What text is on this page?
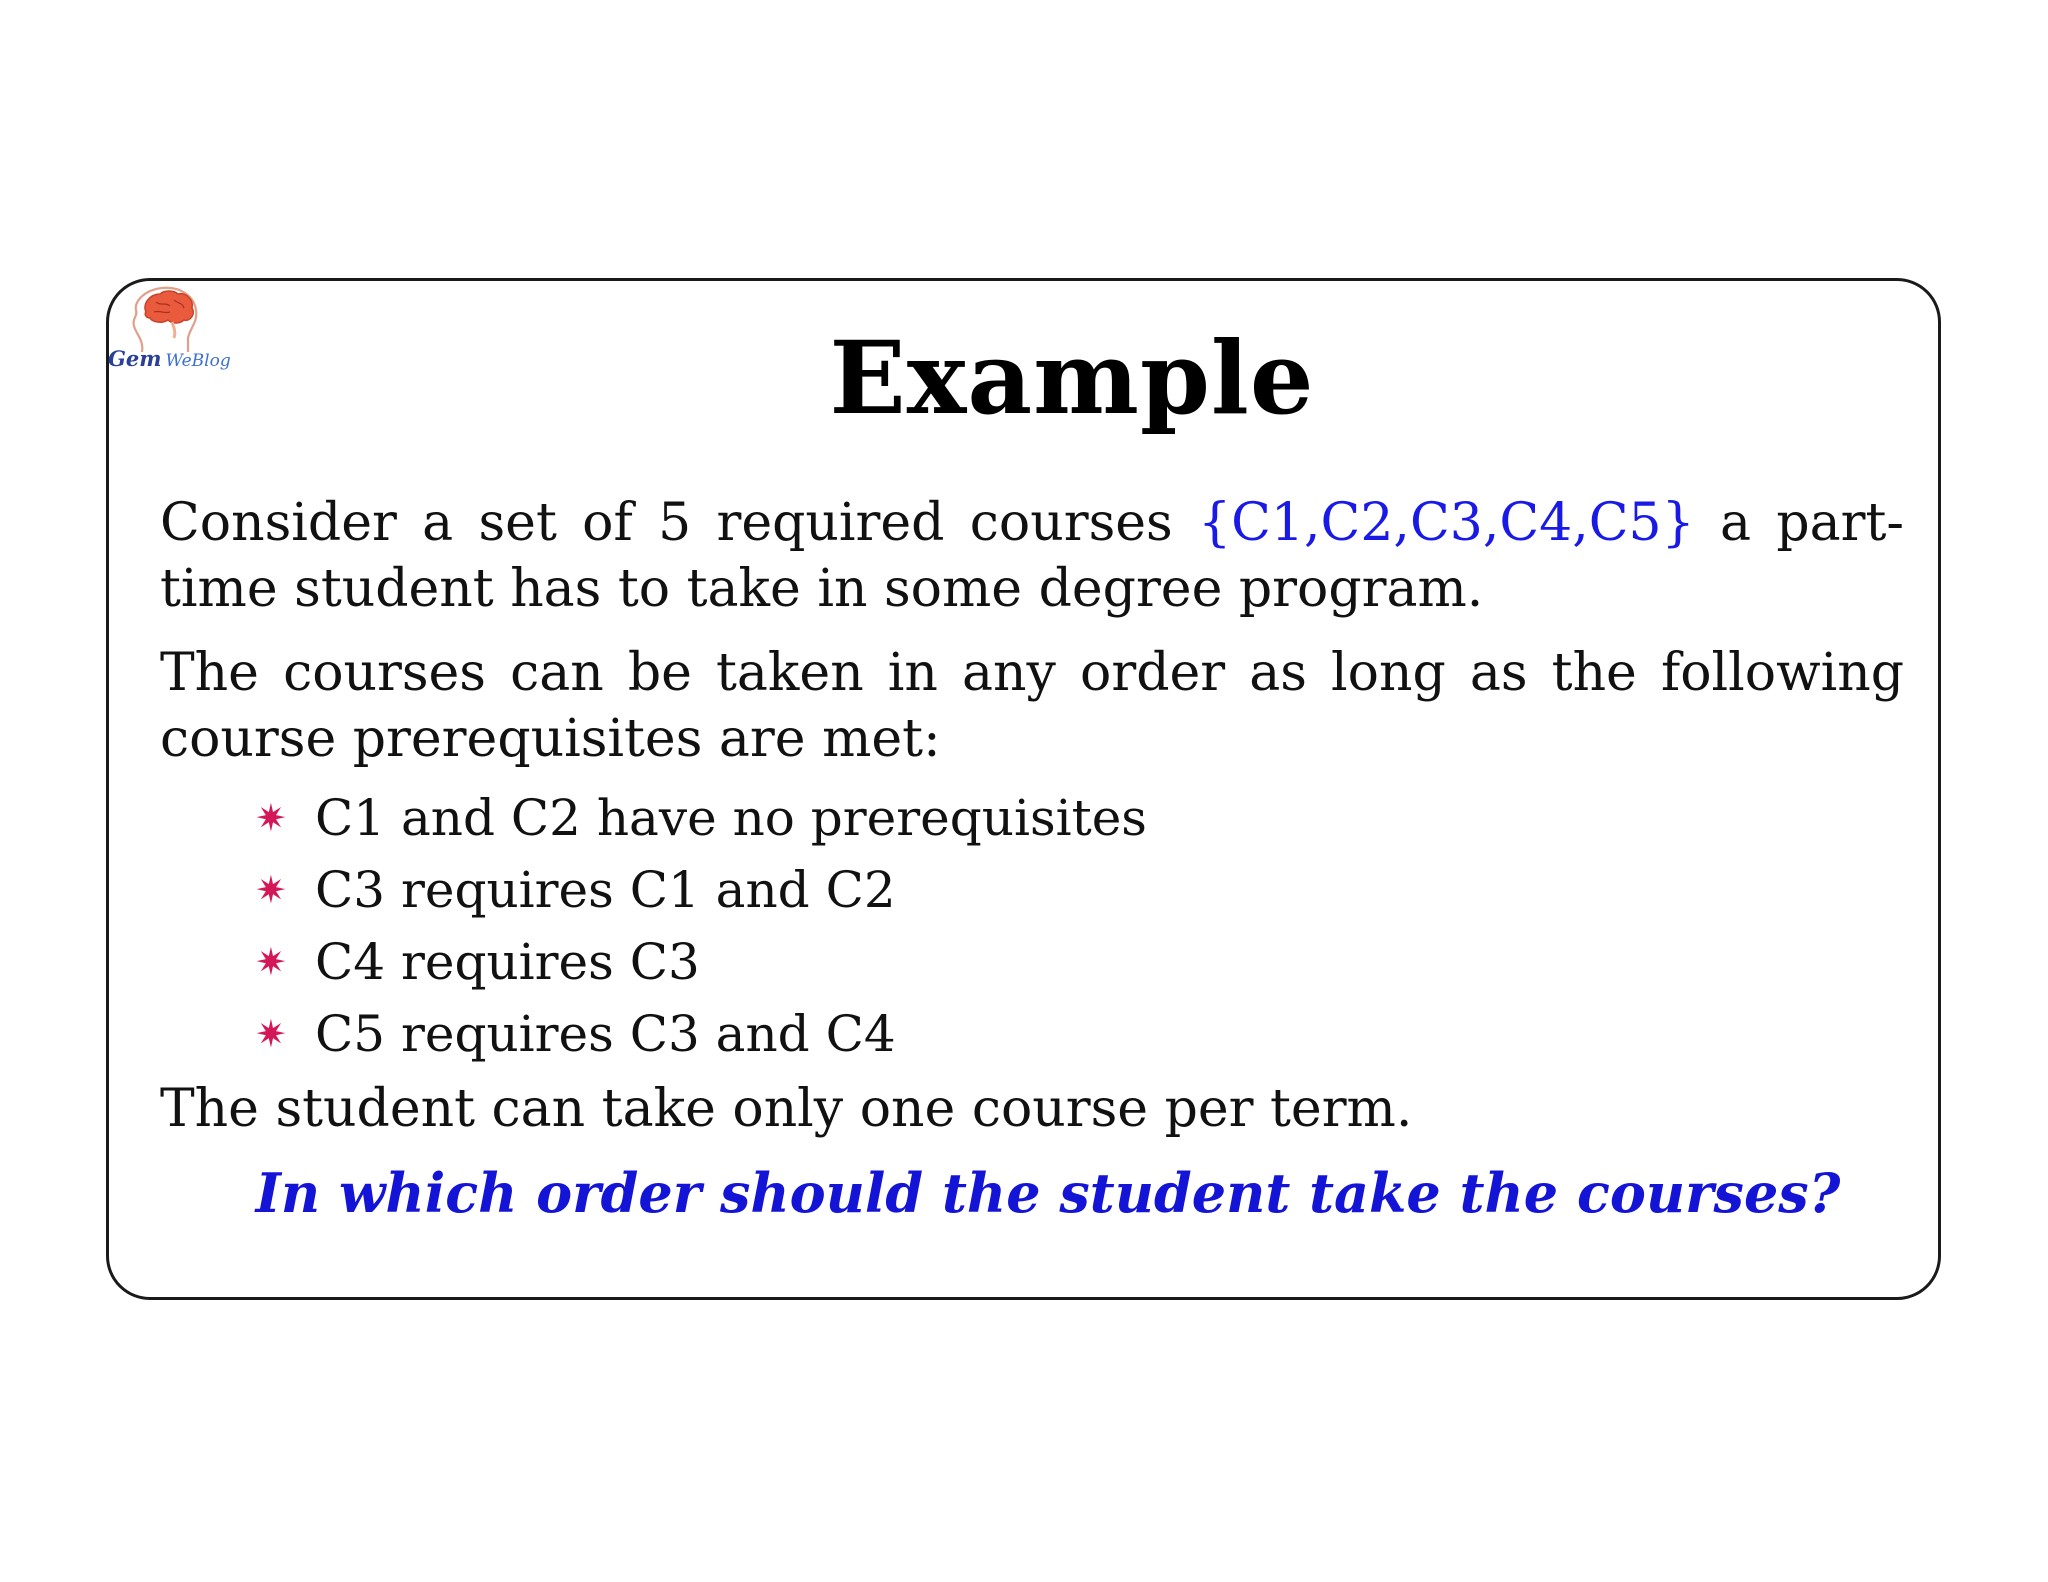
Gem WeBlog	Example

Consider a set of 5 required courses {C1,C2,C3,C4,C5} a part-time student has to take in some degree program.

The courses can be taken in any order as long as the following course prerequisites are met:

✷ C1 and C2 have no prerequisites
✷ C3 requires C1 and C2
✷ C4 requires C3
✷ C5 requires C3 and C4

The student can take only one course per term.

In which order should the student take the courses?
